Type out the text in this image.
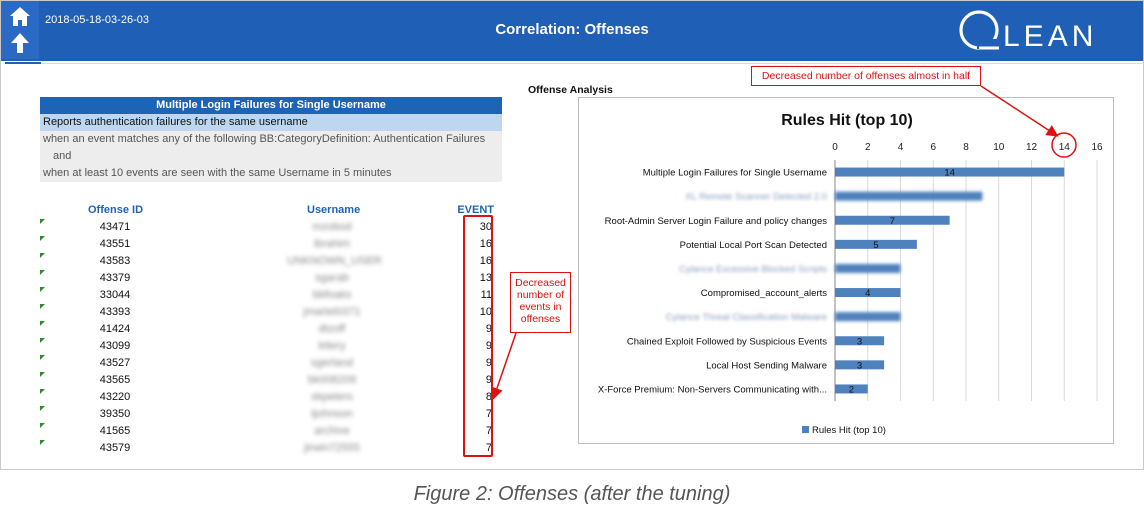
2018-05-18-03-26-03
Correlation: Offenses	LEAN
Multiple Login Failures for Single Username
Reports authentication failures for the same username
when an event matches any of the following BB:CategoryDefinition: Authentication Failures
and
when at least 10 events are seen with the same Username in 5 minutes
Offense ID	Username	EVENT
43471	mzobod	30
43551	ibrahim	16
43583	UNKNOWN_USER	16
43379	sgarab	13
33044	bbfoaks	11
43393	jmartel0371	10
41424	dtzoff	9
43099	kttery	9
43527	sgerland	9
43565	bk008209	9
43220	skpeters	8
39350	tjohnson	7
41565	archive	7
43579	jirwin72555	7
Offense Analysis
Rules Hit (top 10)
0	2	4	6	8 10 12 14 16
Multiple Login Failures for Single Username	14
XL Remote Scanner Detected 2.0
Root-Admin Server Login Failure and policy changes	7
Potential Local Port Scan Detected	5
Cylance Excessive Blocked Scripts
Compromised_account_alerts	4
Cylance Threat Classification Malware
Chained Exploit Followed by Suspicious Events	3
Local Host Sending Malware	3
X-Force Premium: Non-Servers Communicating with... 2
Rules Hit (top 10)
Decreased number of events in offenses
Decreased number of offenses almost in half
Figure 2: Offenses (after the tuning)
